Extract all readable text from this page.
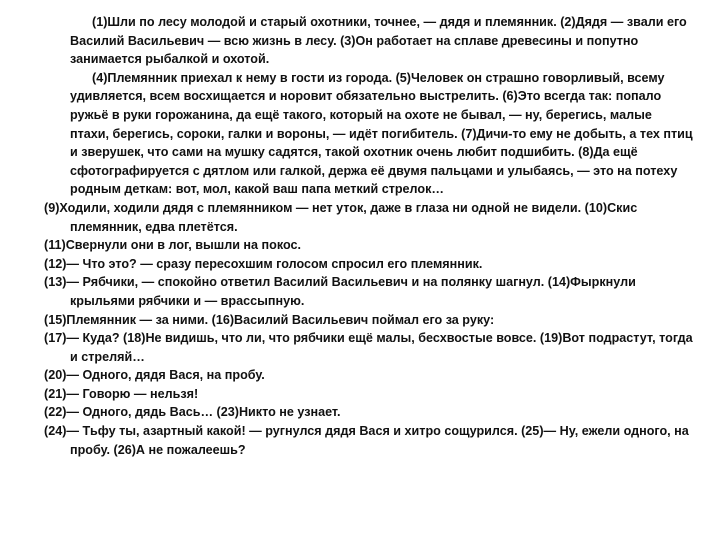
(1)Шли по лесу молодой и старый охотники, точнее, — дядя и племянник. (2)Дядя — звали его Василий Васильевич — всю жизнь в лесу. (3)Он работает на сплаве древесины и попутно занимается рыбалкой и охотой.

(4)Племянник приехал к нему в гости из города. (5)Человек он страшно говорливый, всему удивляется, всем восхищается и норовит обязательно выстрелить. (6)Это всегда так: попало ружьё в руки горожанина, да ещё такого, который на охоте не бывал, — ну, берегись, малые птахи, берегись, сороки, галки и вороны, — идёт погибитель. (7)Дичи-то ему не добыть, а тех птиц и зверушек, что сами на мушку садятся, такой охотник очень любит подшибить. (8)Да ещё сфотографируется с дятлом или галкой, держа её двумя пальцами и улыбаясь, — это на потеху родным деткам: вот, мол, какой ваш папа меткий стрелок…

(9)Ходили, ходили дядя с племянником — нет уток, даже в глаза ни одной не видели. (10)Скис племянник, едва плетётся.

(11)Свернули они в лог, вышли на покос.

(12)— Что это? — сразу пересохшим голосом спросил его племянник.

(13)— Рябчики, — спокойно ответил Василий Васильевич и на полянку шагнул. (14)Фыркнули крыльями рябчики и — врассыпную.

(15)Племянник — за ними. (16)Василий Васильевич поймал его за руку:

(17)— Куда? (18)Не видишь, что ли, что рябчики ещё малы, бесхвостые вовсе. (19)Вот подрастут, тогда и стреляй…

(20)— Одного, дядя Вася, на пробу.

(21)— Говорю — нельзя!

(22)— Одного, дядь Вась… (23)Никто не узнает.

(24)— Тьфу ты, азартный какой! — ругнулся дядя Вася и хитро сощурился. (25)— Ну, ежели одного, на пробу. (26)А не пожалеешь?
